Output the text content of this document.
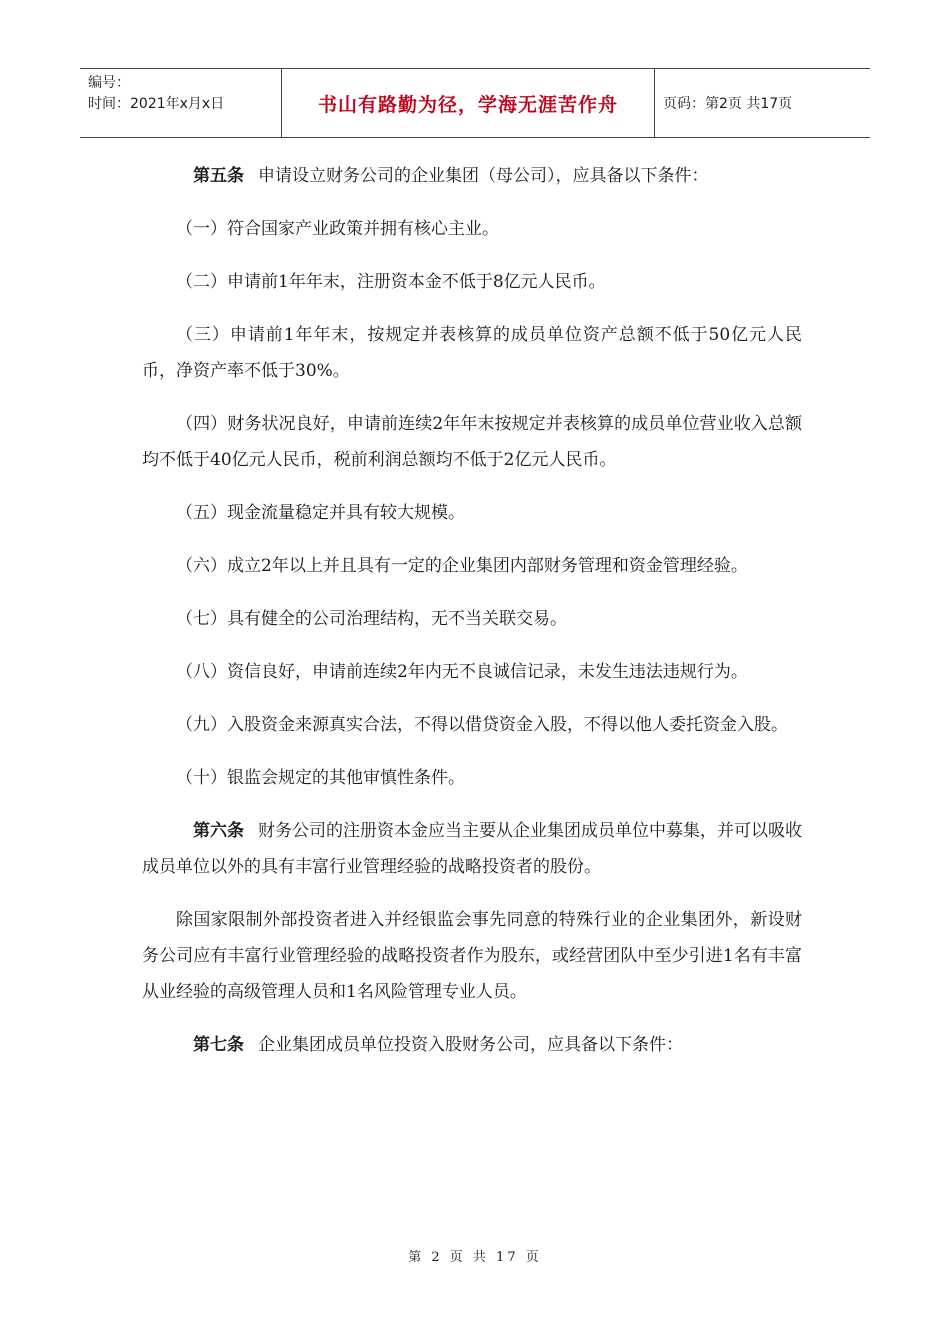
编号：
时间：2021年x月x日	书山有路勤为径，学海无涯苦作舟	页码：第2页 共17页

第五条 申请设立财务公司的企业集团（母公司），应具备以下条件：

（一）符合国家产业政策并拥有核心主业。

（二）申请前1年年末，注册资本金不低于8亿元人民币。

（三）申请前1年年末，按规定并表核算的成员单位资产总额不低于50亿元人民币，净资产率不低于30%。

（四）财务状况良好，申请前连续2年年末按规定并表核算的成员单位营业收入总额均不低于40亿元人民币，税前利润总额均不低于2亿元人民币。

（五）现金流量稳定并具有较大规模。

（六）成立2年以上并且具有一定的企业集团内部财务管理和资金管理经验。

（七）具有健全的公司治理结构，无不当关联交易。

（八）资信良好，申请前连续2年内无不良诚信记录，未发生违法违规行为。

（九）入股资金来源真实合法，不得以借贷资金入股，不得以他人委托资金入股。

（十）银监会规定的其他审慎性条件。

第六条 财务公司的注册资本金应当主要从企业集团成员单位中募集，并可以吸收成员单位以外的具有丰富行业管理经验的战略投资者的股份。

除国家限制外部投资者进入并经银监会事先同意的特殊行业的企业集团外，新设财务公司应有丰富行业管理经验的战略投资者作为股东，或经营团队中至少引进1名有丰富从业经验的高级管理人员和1名风险管理专业人员。

第七条 企业集团成员单位投资入股财务公司，应具备以下条件：

第 2 页 共 17 页
